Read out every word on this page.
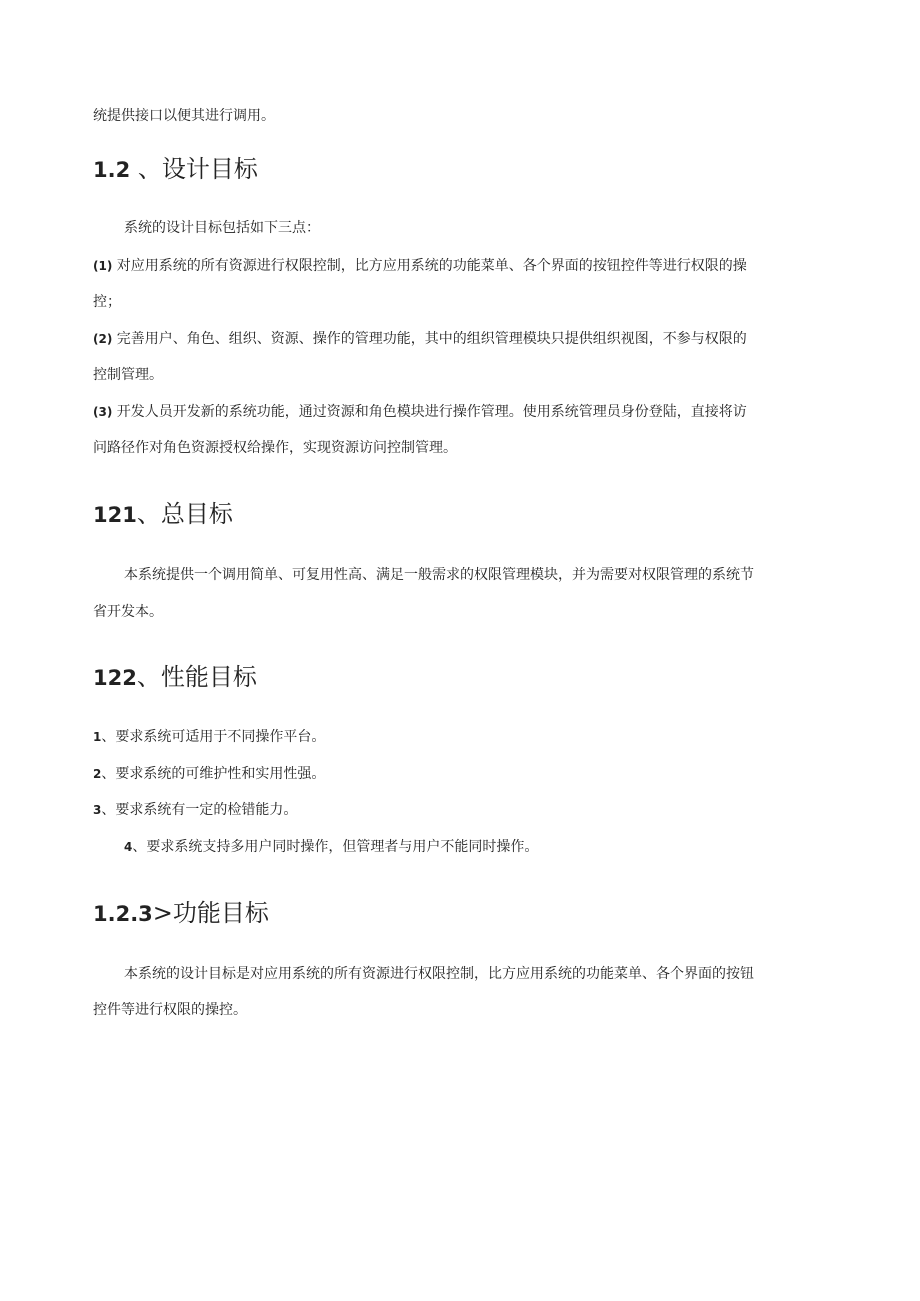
统提供接口以便其进行调用。
1.2 、设计目标
系统的设计目标包括如下三点：
(1) 对应用系统的所有资源进行权限控制，比方应用系统的功能菜单、各个界面的按钮控件等进行权限的操
控；
(2) 完善用户、角色、组织、资源、操作的管理功能，其中的组织管理模块只提供组织视图，不参与权限的
控制管理。
(3) 开发人员开发新的系统功能，通过资源和角色模块进行操作管理。使用系统管理员身份登陆，直接将访
问路径作对角色资源授权给操作，实现资源访问控制管理。
121、总目标
本系统提供一个调用简单、可复用性高、满足一般需求的权限管理模块，并为需要对权限管理的系统节
省开发本。
122、性能目标
1、要求系统可适用于不同操作平台。
2、要求系统的可维护性和实用性强。
3、要求系统有一定的检错能力。
4、要求系统支持多用户同时操作，但管理者与用户不能同时操作。
1.2.3>功能目标
本系统的设计目标是对应用系统的所有资源进行权限控制，比方应用系统的功能菜单、各个界面的按钮
控件等进行权限的操控。
